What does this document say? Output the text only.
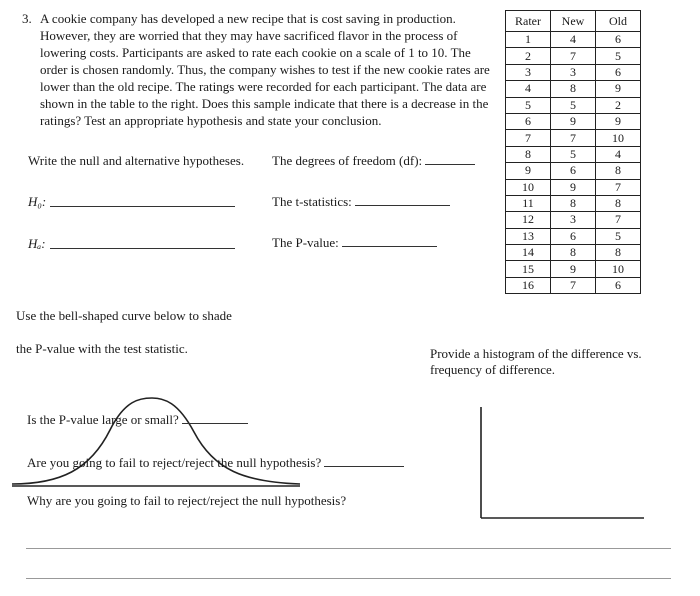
3. A cookie company has developed a new recipe that is cost saving in production. However, they are worried that they may have sacrificed flavor in the process of lowering costs. Participants are asked to rate each cookie on a scale of 1 to 10. The order is chosen randomly. Thus, the company wishes to test if the new cookie rates are lower than the old recipe. The ratings were recorded for each participant. The data are shown in the table to the right. Does this sample indicate that there is a decrease in the ratings? Test an appropriate hypothesis and state your conclusion.
Rater	New	Old
1	4	6
2	7	5
3	3	6
4	8	9
5	5	2
6	9	9
7	7	10
8	5	4
9	6	8
10	9	7
11	8	8
12	3	7
13	6	5
14	8	8
15	9	10
16	7	6
Write the null and alternative hypotheses. The degrees of freedom (df):
H₀:	The t-statistics:
Hₐ:	The P-value:
Use the bell-shaped curve below to shade
the P-value with the test statistic.	Provide a histogram of the difference vs.
frequency of difference.
Is the P-value large or small?
Are you going to fail to reject/reject the null hypothesis?
Why are you going to fail to reject/reject the null hypothesis?
